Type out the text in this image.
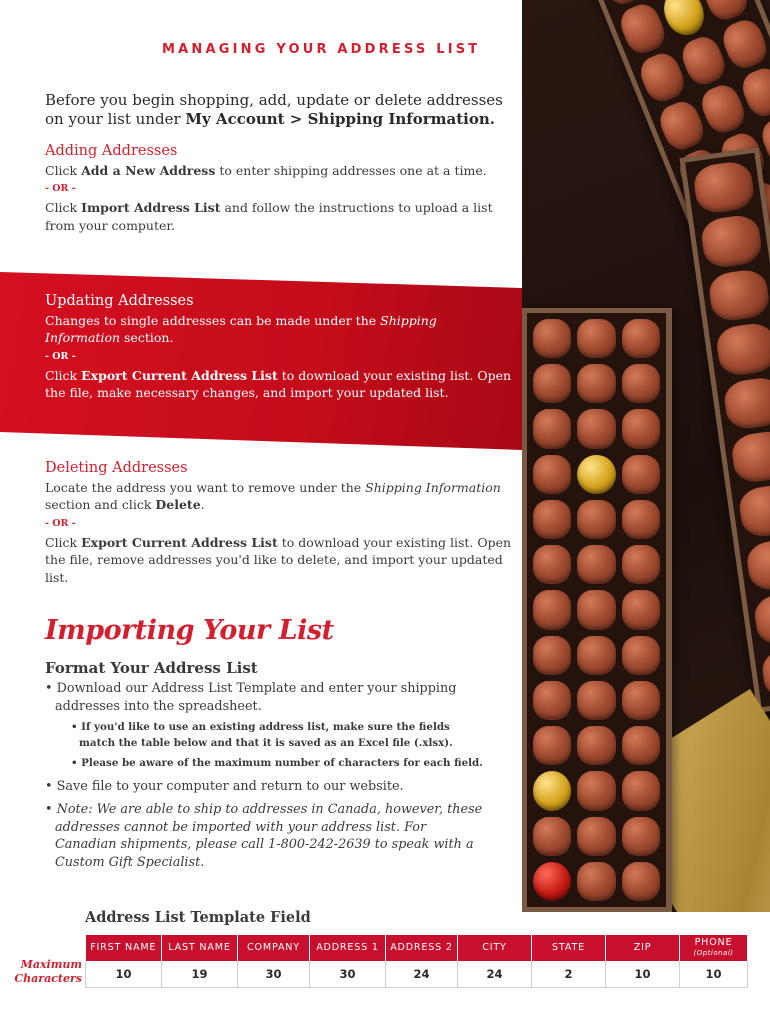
MANAGING YOUR ADDRESS LIST

Before you begin shopping, add, update or delete addresses on your list under My Account > Shipping Information.

Adding Addresses

Click Add a New Address to enter shipping addresses one at a time.

- OR -

Click Import Address List and follow the instructions to upload a list from your computer.

Updating Addresses

Changes to single addresses can be made under the Shipping Information section.

- OR -

Click Export Current Address List to download your existing list. Open the file, make necessary changes, and import your updated list.

Deleting Addresses

Locate the address you want to remove under the Shipping Information section and click Delete.

- OR -

Click Export Current Address List to download your existing list. Open the file, remove addresses you'd like to delete, and import your updated list.

Importing Your List
Format Your Address List
• Download our Address List Template and enter your shipping addresses into the spreadsheet.
• If you'd like to use an existing address list, make sure the fields match the table below and that it is saved as an Excel file (.xlsx).
• Please be aware of the maximum number of characters for each field.
• Save file to your computer and return to our website.
• Note: We are able to ship to addresses in Canada, however, these addresses cannot be imported with your address list. For Canadian shipments, please call 1-800-242-2639 to speak with a Custom Gift Specialist.
Address List Template Field
Maximum Characters
FIRST NAME	LAST NAME	COMPANY	ADDRESS 1	ADDRESS 2	CITY	STATE	ZIP	PHONE
(Optional)

10	19	30	30	24	24	2	10	10
